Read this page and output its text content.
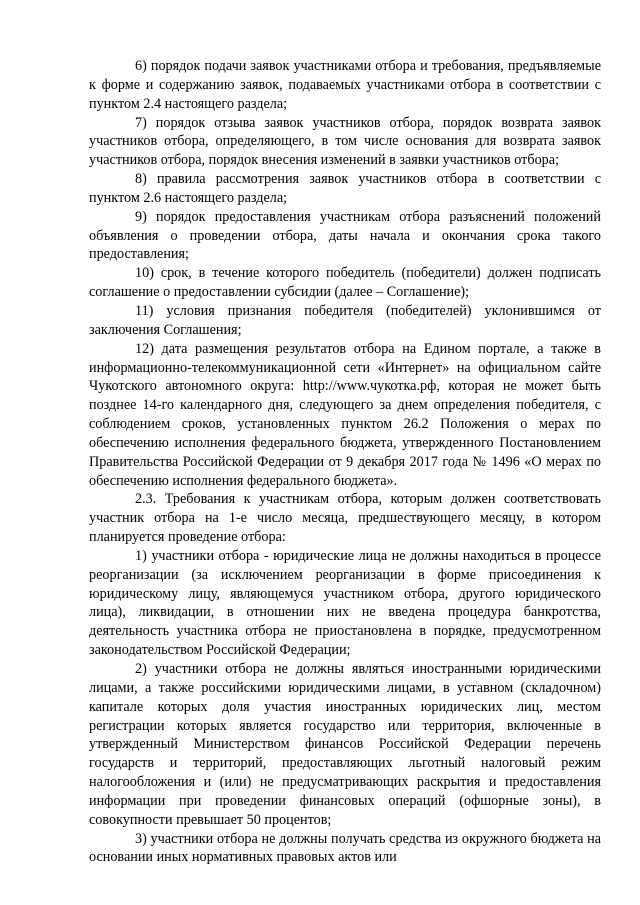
6) порядок подачи заявок участниками отбора и требования, предъявляемые к форме и содержанию заявок, подаваемых участниками отбора в соответствии с пунктом 2.4 настоящего раздела;

7) порядок отзыва заявок участников отбора, порядок возврата заявок участников отбора, определяющего, в том числе основания для возврата заявок участников отбора, порядок внесения изменений в заявки участников отбора;

8) правила рассмотрения заявок участников отбора в соответствии с пунктом 2.6 настоящего раздела;

9) порядок предоставления участникам отбора разъяснений положений объявления о проведении отбора, даты начала и окончания срока такого предоставления;

10) срок, в течение которого победитель (победители) должен подписать соглашение о предоставлении субсидии (далее – Соглашение);

11) условия признания победителя (победителей) уклонившимся от заключения Соглашения;

12) дата размещения результатов отбора на Едином портале, а также в информационно-телекоммуникационной сети «Интернет» на официальном сайте Чукотского автономного округа: http://www.чукотка.рф, которая не может быть позднее 14-го календарного дня, следующего за днем определения победителя, с соблюдением сроков, установленных пунктом 26.2 Положения о мерах по обеспечению исполнения федерального бюджета, утвержденного Постановлением Правительства Российской Федерации от 9 декабря 2017 года № 1496 «О мерах по обеспечению исполнения федерального бюджета».

2.3. Требования к участникам отбора, которым должен соответствовать участник отбора на 1-е число месяца, предшествующего месяцу, в котором планируется проведение отбора:

1) участники отбора - юридические лица не должны находиться в процессе реорганизации (за исключением реорганизации в форме присоединения к юридическому лицу, являющемуся участником отбора, другого юридического лица), ликвидации, в отношении них не введена процедура банкротства, деятельность участника отбора не приостановлена в порядке, предусмотренном законодательством Российской Федерации;

2) участники отбора не должны являться иностранными юридическими лицами, а также российскими юридическими лицами, в уставном (складочном) капитале которых доля участия иностранных юридических лиц, местом регистрации которых является государство или территория, включенные в утвержденный Министерством финансов Российской Федерации перечень государств и территорий, предоставляющих льготный налоговый режим налогообложения и (или) не предусматривающих раскрытия и предоставления информации при проведении финансовых операций (офшорные зоны), в совокупности превышает 50 процентов;

3) участники отбора не должны получать средства из окружного бюджета на основании иных нормативных правовых актов или
